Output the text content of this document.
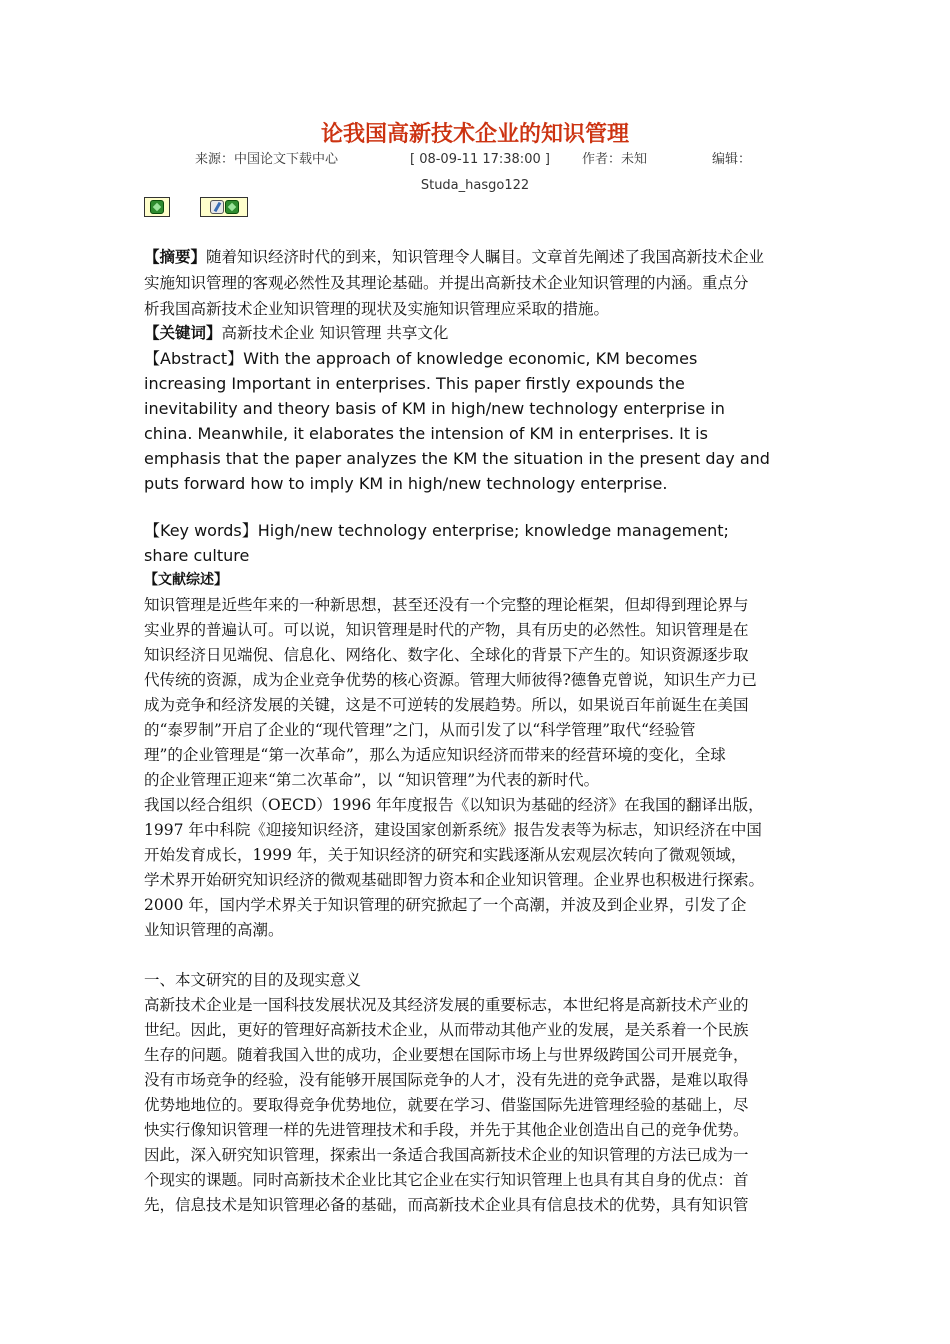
论我国高新技术企业的知识管理
来源：中国论文下载中心	[ 08-09-11 17:38:00 ] 作者：未知	编辑：
Studa_hasgo122
【摘要】随着知识经济时代的到来，知识管理令人瞩目。文章首先阐述了我国高新技术企业
实施知识管理的客观必然性及其理论基础。并提出高新技术企业知识管理的内涵。重点分
析我国高新技术企业知识管理的现状及实施知识管理应采取的措施。
【关键词】高新技术企业 知识管理 共享文化
【Abstract】With the approach of knowledge economic, KM becomes
increasing Important in enterprises. This paper firstly expounds the
inevitability and theory basis of KM in high/new technology enterprise in
china. Meanwhile, it elaborates the intension of KM in enterprises. It is
emphasis that the paper analyzes the KM the situation in the present day and
puts forward how to imply KM in high/new technology enterprise.
【Key words】High/new technology enterprise; knowledge management;
share culture
【文献综述】
知识管理是近些年来的一种新思想，甚至还没有一个完整的理论框架，但却得到理论界与
实业界的普遍认可。可以说，知识管理是时代的产物，具有历史的必然性。知识管理是在
知识经济日见端倪、信息化、网络化、数字化、全球化的背景下产生的。知识资源逐步取
代传统的资源，成为企业竞争优势的核心资源。管理大师彼得?德鲁克曾说，知识生产力已
成为竞争和经济发展的关键，这是不可逆转的发展趋势。所以，如果说百年前诞生在美国
的“泰罗制”开启了企业的“现代管理”之门，从而引发了以“科学管理”取代“经验管
理”的企业管理是“第一次革命”，那么为适应知识经济而带来的经营环境的变化，全球
的企业管理正迎来“第二次革命”，以 “知识管理”为代表的新时代。
我国以经合组织（OECD）1996 年年度报告《以知识为基础的经济》在我国的翻译出版，
1997 年中科院《迎接知识经济，建设国家创新系统》报告发表等为标志，知识经济在中国
开始发育成长，1999 年，关于知识经济的研究和实践逐渐从宏观层次转向了微观领域，
学术界开始研究知识经济的微观基础即智力资本和企业知识管理。企业界也积极进行探索。
2000 年，国内学术界关于知识管理的研究掀起了一个高潮，并波及到企业界，引发了企
业知识管理的高潮。
一、本文研究的目的及现实意义
高新技术企业是一国科技发展状况及其经济发展的重要标志，本世纪将是高新技术产业的
世纪。因此，更好的管理好高新技术企业，从而带动其他产业的发展，是关系着一个民族
生存的问题。随着我国入世的成功，企业要想在国际市场上与世界级跨国公司开展竞争，
没有市场竞争的经验，没有能够开展国际竞争的人才，没有先进的竞争武器，是难以取得
优势地地位的。要取得竞争优势地位，就要在学习、借鉴国际先进管理经验的基础上，尽
快实行像知识管理一样的先进管理技术和手段，并先于其他企业创造出自己的竞争优势。
因此，深入研究知识管理，探索出一条适合我国高新技术企业的知识管理的方法已成为一
个现实的课题。同时高新技术企业比其它企业在实行知识管理上也具有其自身的优点：首
先，信息技术是知识管理必备的基础，而高新技术企业具有信息技术的优势，具有知识管
